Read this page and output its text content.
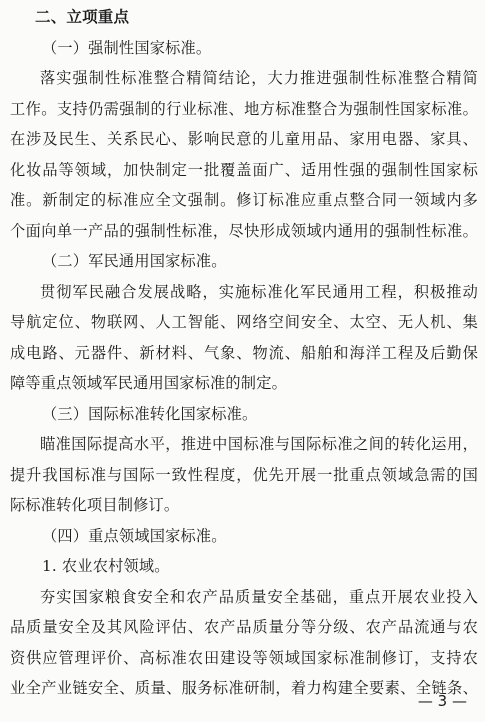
二、立项重点
（一）强制性国家标准。
落实强制性标准整合精简结论，大力推进强制性标准整合精简
工作。支持仍需强制的行业标准、地方标准整合为强制性国家标准。
在涉及民生、关系民心、影响民意的儿童用品、家用电器、家具、
化妆品等领域，加快制定一批覆盖面广、适用性强的强制性国家标
准。新制定的标准应全文强制。修订标准应重点整合同一领域内多
个面向单一产品的强制性标准，尽快形成领域内通用的强制性标准。
（二）军民通用国家标准。
贯彻军民融合发展战略，实施标准化军民通用工程，积极推动
导航定位、物联网、人工智能、网络空间安全、太空、无人机、集
成电路、元器件、新材料、气象、物流、船舶和海洋工程及后勤保
障等重点领域军民通用国家标准的制定。
（三）国际标准转化国家标准。
瞄准国际提高水平，推进中国标准与国际标准之间的转化运用，
提升我国标准与国际一致性程度，优先开展一批重点领域急需的国
际标准转化项目制修订。
（四）重点领域国家标准。
1. 农业农村领域。
夯实国家粮食安全和农产品质量安全基础，重点开展农业投入
品质量安全及其风险评估、农产品质量分等分级、农产品流通与农
资供应管理评价、高标准农田建设等领域国家标准制修订，支持农
业全产业链安全、质量、服务标准研制，着力构建全要素、全链条、
— 3 —
